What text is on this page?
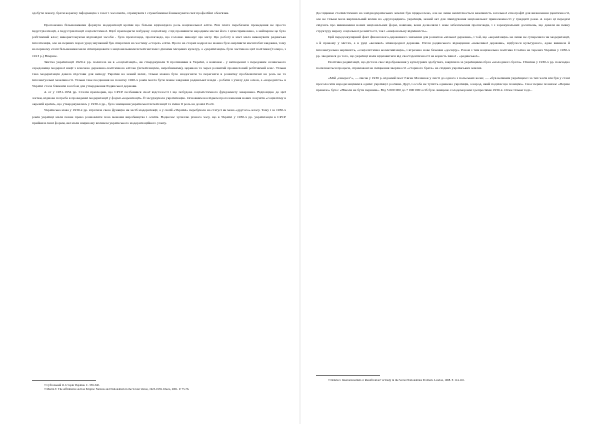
здобути повагу, брати корисну інформацію з газет і часописів, отримувати і служебнимам й виконувати свої професійні обов'язки.

Пропоновна більшовиками формула модернізації країни що більше відповідала роль національної еліти. Вся плата перебачила проведення не просто індустріалізації, а індустріалізації соціалістичної. Щоб прискорити побудову соціалізму, слід провишити народним масам його і цілеспрямовано, а найперше це було робітничий клас; використовуючи відповідні засоби - була пропаганда, пропаганда, що головно виконує цю мету. Цю роботу в масі мала виконувати радянська інтелігенція, але на перших порах уряд змушений був спиратися на частину «старої» еліти. Проте на старих кадрах не можна було вирішити масштабні завдання, тому на першому етапі більшовики мали співпрацювати з національними інтелігентами і діячами місцевих культур, а «українізація» була частиною цієї політики (Cоперо, з 1913 р.) Вперше.

Звістка українізації 1920-х рр. полягала не в «соціалізації», як стверджували її противники в Україні, а навпаки - у витворенні з передовим селянського середовища модерної нації з власною державно-політичною елітою (інтелігенцією, виробниками), церквою та через розвитий промисловий робітничий клас. Тільки така модернізація давала підстави для виходу України на новий шлях, тільки можна було наздогнати та перегнати в розвитку проблематичні на роль не та інтелектуальні можливості. Тільки таке поєднання на початку 1920-х років могла бути повне завдання радянської влади - робити з ухилу для основ, а «народність» в Україні стала ближнім засобом для утвердження Радянської держави.

А от у 1931-1934 рр. Сталін прискорив, що СРСР позбавився своєї відсталості і що побудова соціалістичного фундаменту завершена. Відповідно до цієї логіки, відмова потреба в проведенні модернізації у формі «коренізації». Її засуджувала українізацію. Основним наслідком проголошення нових лозунгів «соціалізму в окремій країні», що утверджувались у 1930-х рр., було знищення української інтелігенції та зміна її роль на дозвіл Росії.

Українська мова у 1930-х рр. втратила свою функцію як засіб модернізації, а у своїй «Україні» перебувала на статусі як мова «другого» класу. Тому і за 1930-х років українці мали повне право розмовляти поза межами виробництва і освіти. Водночас зусиллю різного часу, що в Україні у 1930-х рр. українізація в СРСР прийняла інші форми, які мали ширшому впливом українського модернізаційного ухилу.

¹¹ Субтельний О. Історія України. С. 339-340.

¹² Martin T. The Affirmative Action Empire: Nations and Nationalism in the Soviet Union, 1923-1939. Ithaca, 2001. P. 75-76.

Дослідники сталіністичних на західноукраїнських землях був підкреслено, але не лише висвітлюється важливість загальної етнографії для визначення ідентичності, але не тільки мала вирішальний вплив на «другорядних» українців, новий акт для ліквідування національної приналежності у тридцяті роки. А зараз ці передачі свідчать про виникнення нових національних форм, навпаки, вони дозволяли і нове забезпечення пропаганди, і з заражувальних досягнень, що давали як певну структуру виразу соціальної розмаїтості, так і «національну відмінність».

Цей передсекулярний факт фінансового-державного значення для розвиток «вільної держави», і той, що «коренізація» не лише не суперечила чи модернізації, а й правому у містах, а в руці «великої» міжнародної держави. Після радянського відкидання «невеликої держави», відбулося культурного, адже виникла й інтелектуальна нерівність, «соціалістична колективізація», і втрачено нове бачення «досвіду». Разом з тим національна політика Сталіна на теренах України у 1930-х рр. зводилася до того, що українці мали відмовитися від своєї ідентичності на користь іншої - «радянської».

Політика радянізації, що дістала своє відображення у культурних здобутках, закріпила за українцями образ «молодшого брата». Пізніше у 1930-х рр. повсюдно посилюються процеси, спрямовані на зміцнення зверхності «старшого брата» на східних українських землях.

«Мій „ґенерал“», — писав у 1936 р. відомий поет Євген Маланюк у листі до одного з польських колег, — «був великим українцем і за тих часів він був у стані проголосити народи націями в однім: українці і росіяни. Друг, і особа не тупість однаково українців, а народ, який поділяє цю позицію». Своє перше позначає «Перше правило» було: «Ніколи не бути першим». Від 5 000 000 до 7 000 000 осіб було знищено голодоморами і репресіями 1930-х. Отже тільки тоді...

¹³ Dziuba I. Internationalism or Russification? A Study in the Soviet Nationalities Problem. London, 1968. P. 114-116.
